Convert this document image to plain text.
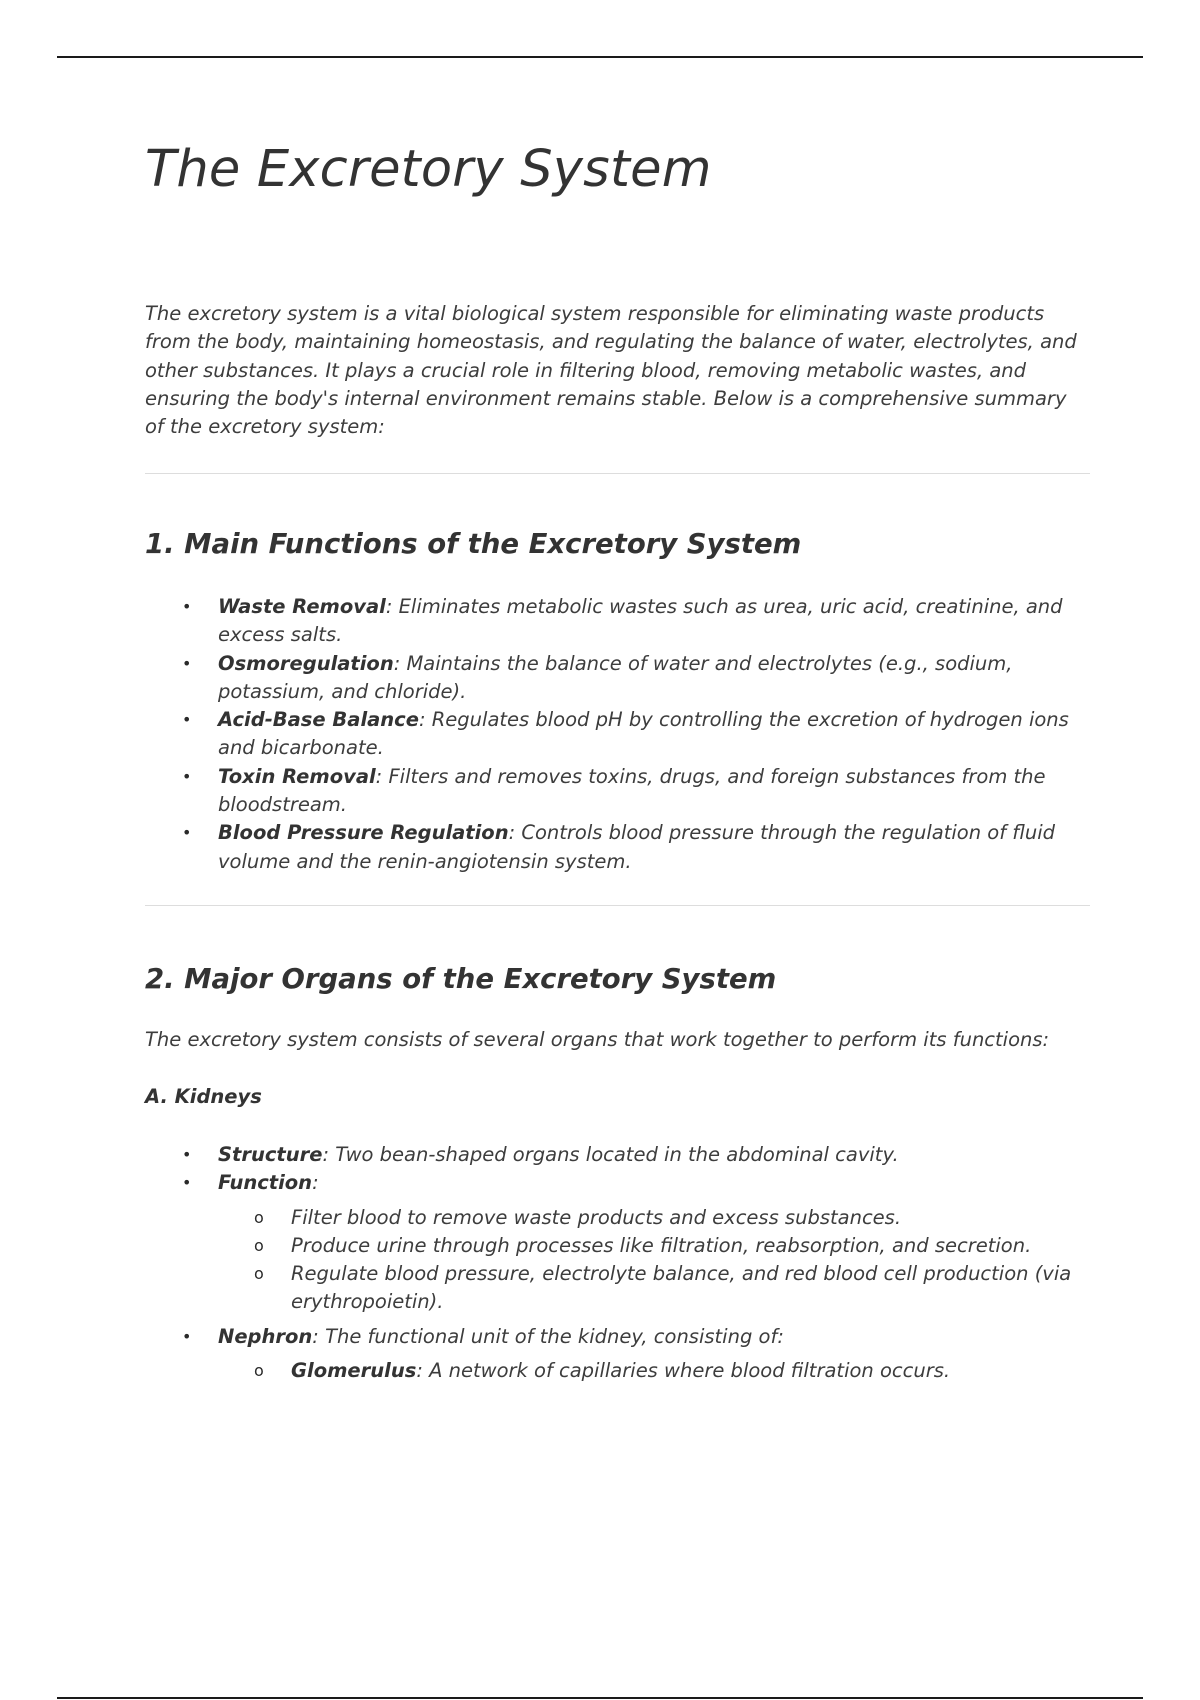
The Excretory System

The excretory system is a vital biological system responsible for eliminating waste products from the body, maintaining homeostasis, and regulating the balance of water, electrolytes, and other substances. It plays a crucial role in filtering blood, removing metabolic wastes, and ensuring the body's internal environment remains stable. Below is a comprehensive summary of the excretory system:

1. Main Functions of the Excretory System
• Waste Removal: Eliminates metabolic wastes such as urea, uric acid, creatinine, and excess salts.
• Osmoregulation: Maintains the balance of water and electrolytes (e.g., sodium, potassium, and chloride).
• Acid-Base Balance: Regulates blood pH by controlling the excretion of hydrogen ions and bicarbonate.
• Toxin Removal: Filters and removes toxins, drugs, and foreign substances from the bloodstream.
• Blood Pressure Regulation: Controls blood pressure through the regulation of fluid volume and the renin-angiotensin system.
2. Major Organs of the Excretory System

The excretory system consists of several organs that work together to perform its functions:

A. Kidneys
• Structure: Two bean-shaped organs located in the abdominal cavity.
• Function:
o Filter blood to remove waste products and excess substances.
o Produce urine through processes like filtration, reabsorption, and secretion.
o Regulate blood pressure, electrolyte balance, and red blood cell production (via erythropoietin).
• Nephron: The functional unit of the kidney, consisting of:
o Glomerulus: A network of capillaries where blood filtration occurs.
